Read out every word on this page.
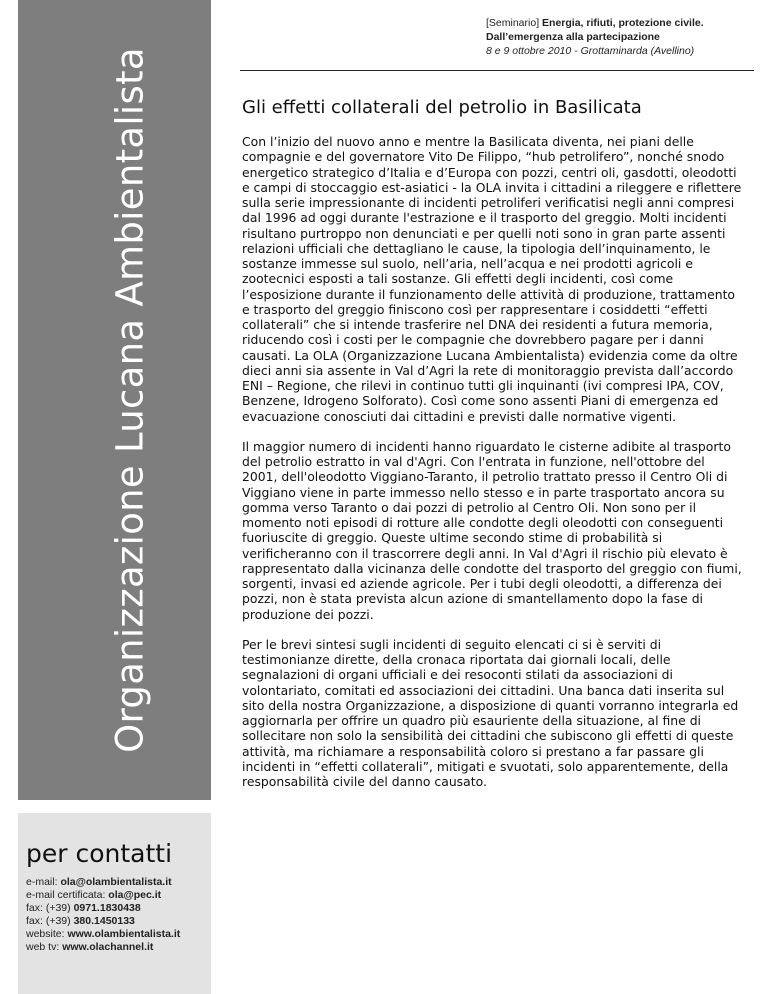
Organizzazione Lucana Ambientalista
per contatti
e-mail: ola@olambientalista.it
e-mail certificata: ola@pec.it
fax: (+39) 0971.1830438
fax: (+39) 380.1450133
website: www.olambientalista.it
web tv: www.olachannel.it
[Seminario] Energia, rifiuti, protezione civile.
Dall’emergenza alla partecipazione
8 e 9 ottobre 2010 - Grottaminarda (Avellino)
Gli effetti collaterali del petrolio in Basilicata

Con l’inizio del nuovo anno e mentre la Basilicata diventa, nei piani delle compagnie e del governatore Vito De Filippo, “hub petrolifero”, nonché snodo energetico strategico d’Italia e d’Europa con pozzi, centri oli, gasdotti, oleodotti e campi di stoccaggio est-asiatici - la OLA invita i cittadini a rileggere e riflettere sulla serie impressionante di incidenti petroliferi verificatisi negli anni compresi dal 1996 ad oggi durante l'estrazione e il trasporto del greggio. Molti incidenti risultano purtroppo non denunciati e per quelli noti sono in gran parte assenti relazioni ufficiali che dettagliano le cause, la tipologia dell’inquinamento, le sostanze immesse sul suolo, nell’aria, nell’acqua e nei prodotti agricoli e zootecnici esposti a tali sostanze. Gli effetti degli incidenti, così come l’esposizione durante il funzionamento delle attività di produzione, trattamento e trasporto del greggio finiscono così per rappresentare i cosiddetti “effetti collaterali” che si intende trasferire nel DNA dei residenti a futura memoria, riducendo così i costi per le compagnie che dovrebbero pagare per i danni causati. La OLA (Organizzazione Lucana Ambientalista) evidenzia come da oltre dieci anni sia assente in Val d’Agri la rete di monitoraggio prevista dall’accordo ENI – Regione, che rilevi in continuo tutti gli inquinanti (ivi compresi IPA, COV, Benzene, Idrogeno Solforato). Così come sono assenti Piani di emergenza ed evacuazione conosciuti dai cittadini e previsti dalle normative vigenti.

Il maggior numero di incidenti hanno riguardato le cisterne adibite al trasporto del petrolio estratto in val d'Agri. Con l'entrata in funzione, nell'ottobre del 2001, dell'oleodotto Viggiano-Taranto, il petrolio trattato presso il Centro Oli di Viggiano viene in parte immesso nello stesso e in parte trasportato ancora su gomma verso Taranto o dai pozzi di petrolio al Centro Oli. Non sono per il momento noti episodi di rotture alle condotte degli oleodotti con conseguenti fuoriuscite di greggio. Queste ultime secondo stime di probabilità si verificheranno con il trascorrere degli anni. In Val d'Agri il rischio più elevato è rappresentato dalla vicinanza delle condotte del trasporto del greggio con fiumi, sorgenti, invasi ed aziende agricole. Per i tubi degli oleodotti, a differenza dei pozzi, non è stata prevista alcun azione di smantellamento dopo la fase di produzione dei pozzi.

Per le brevi sintesi sugli incidenti di seguito elencati ci si è serviti di testimonianze dirette, della cronaca riportata dai giornali locali, delle segnalazioni di organi ufficiali e dei resoconti stilati da associazioni di volontariato, comitati ed associazioni dei cittadini. Una banca dati inserita sul sito della nostra Organizzazione, a disposizione di quanti vorranno integrarla ed aggiornarla per offrire un quadro più esauriente della situazione, al fine di sollecitare non solo la sensibilità dei cittadini che subiscono gli effetti di queste attività, ma richiamare a responsabilità coloro si prestano a far passare gli incidenti in “effetti collaterali”, mitigati e svuotati, solo apparentemente, della responsabilità civile del danno causato.
